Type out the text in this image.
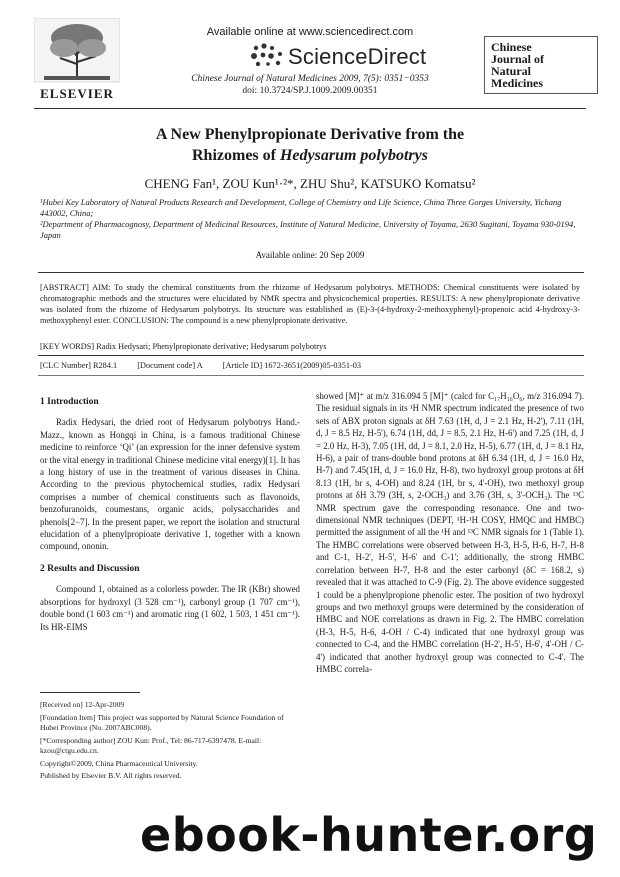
ELSEVIER
Available online at www.sciencedirect.com
ScienceDirect
Chinese Journal of Natural Medicines 2009, 7(5): 0351−0353
doi: 10.3724/SP.J.1009.2009.00351
Chinese
Journal of
Natural
Medicines
A New Phenylpropionate Derivative from the
Rhizomes of Hedysarum polybotrys
CHENG Fan¹, ZOU Kun¹·²*, ZHU Shu², KATSUKO Komatsu²
¹Hubei Key Laboratory of Natural Products Research and Development, College of Chemistry and Life Science, China Three Gorges University, Yichang 443002, China;
²Department of Pharmacognosy, Department of Medicinal Resources, Institute of Natural Medicine, University of Toyama, 2630 Sugitani, Toyama 930-0194, Japan
Available online: 20 Sep 2009
[ABSTRACT] AIM: To study the chemical constituents from the rhizome of Hedysarum polybotrys. METHODS: Chemical constituents were isolated by chromatographic methods and the structures were elucidated by NMR spectra and physicochemical properties. RESULTS: A new phenylpropionate derivative was isolated from the rhizome of Hedysarum polybotrys. Its structure was established as (E)-3-(4-hydroxy-2-methoxyphenyl)-propenoic acid 4-hydroxy-3-methoxyphenyl ester. CONCLUSION: The compound is a new phenylpropionate derivative.
[KEY WORDS] Radix Hedysari; Phenylpropionate derivative; Hedysarum polybotrys
[CLC Number] R284.1 [Document code] A [Article ID] 1672-3651(2009)05-0351-03
1 Introduction

Radix Hedysari, the dried root of Hedysarum polybotrys Hand.-Mazz., known as Hongqi in China, is a famous traditional Chinese medicine to reinforce ‘Qi’ (an expression for the inner defensive system or the vital energy in traditional Chinese medicine vital energy)[1]. It has a long history of use in the treatment of various diseases in China. According to the previous phytochemical studies, radix Hedysari comprises a number of chemical constituents such as flavonoids, benzofuranoids, coumestans, organic acids, polysaccharides and phenols[2−7]. In the present paper, we report the isolation and structural elucidation of a phenylpropioate derivative 1, together with a known compound, ononin.

2 Results and Discussion

Compound 1, obtained as a colorless powder. The IR (KBr) showed absorptions for hydroxyl (3 528 cm⁻¹), carbonyl group (1 707 cm⁻¹), double bond (1 603 cm⁻¹) and aromatic ring (1 602, 1 503, 1 451 cm⁻¹). Its HR-EIMS

showed [M]⁺ at m/z 316.094 5 [M]⁺ (calcd for C₁₇H₁₆O₆, m/z 316.094 7). The residual signals in its ¹H NMR spectrum indicated the presence of two sets of ABX proton signals at δH 7.63 (1H, d, J = 2.1 Hz, H-2'), 7.11 (1H, d, J = 8.5 Hz, H-5'), 6.74 (1H, dd, J = 8.5, 2.1 Hz, H-6') and 7.25 (1H, d, J = 2.0 Hz, H-3), 7.05 (1H, dd, J = 8.1, 2.0 Hz, H-5), 6.77 (1H, d, J = 8.1 Hz, H-6), a pair of trans-double bond protons at δH 6.34 (1H, d, J = 16.0 Hz, H-7) and 7.45(1H, d, J = 16.0 Hz, H-8), two hydroxyl group protons at δH 8.13 (1H, br s, 4-OH) and 8.24 (1H, br s, 4'-OH), two methoxyl group protons at δH 3.79 (3H, s, 2-OCH₃) and 3.76 (3H, s, 3'-OCH₃). The ¹³C NMR spectrum gave the corresponding resonance. One and two-dimensional NMR techniques (DEPT, ¹H-¹H COSY, HMQC and HMBC) permitted the assignment of all the ¹H and ¹³C NMR signals for 1 (Table 1). The HMBC correlations were observed between H-3, H-5, H-6, H-7, H-8 and C-1, H-2', H-5', H-6' and C-1'; additionally, the strong HMBC correlation between H-7, H-8 and the ester carbonyl (δC = 168.2, s) revealed that it was attached to C-9 (Fig. 2). The above evidence suggested 1 could be a phenylpropione phenolic ester. The position of two hydroxyl groups and two methoxyl groups were determined by the consideration of HMBC and NOE correlations as drawn in Fig. 2. The HMBC correlation (H-3, H-5, H-6, 4-OH / C-4) indicated that one hydroxyl group was connected to C-4, and the HMBC correlation (H-2', H-5', H-6', 4'-OH / C-4') indicated that another hydroxyl group was connected to C-4'. The HMBC correla-

[Received on] 12-Apr-2009
[Foundation Item] This project was supported by Natural Science Foundation of Hubei Province (No. 2007ABC008).
[*Corresponding author] ZOU Kun: Prof., Tel: 86-717-6397478. E-mail: kzou@ctgu.edu.cn.
Copyright©2009, China Pharmaceutical University.
Published by Elsevier B.V. All rights reserved.
ebook-hunter.org
